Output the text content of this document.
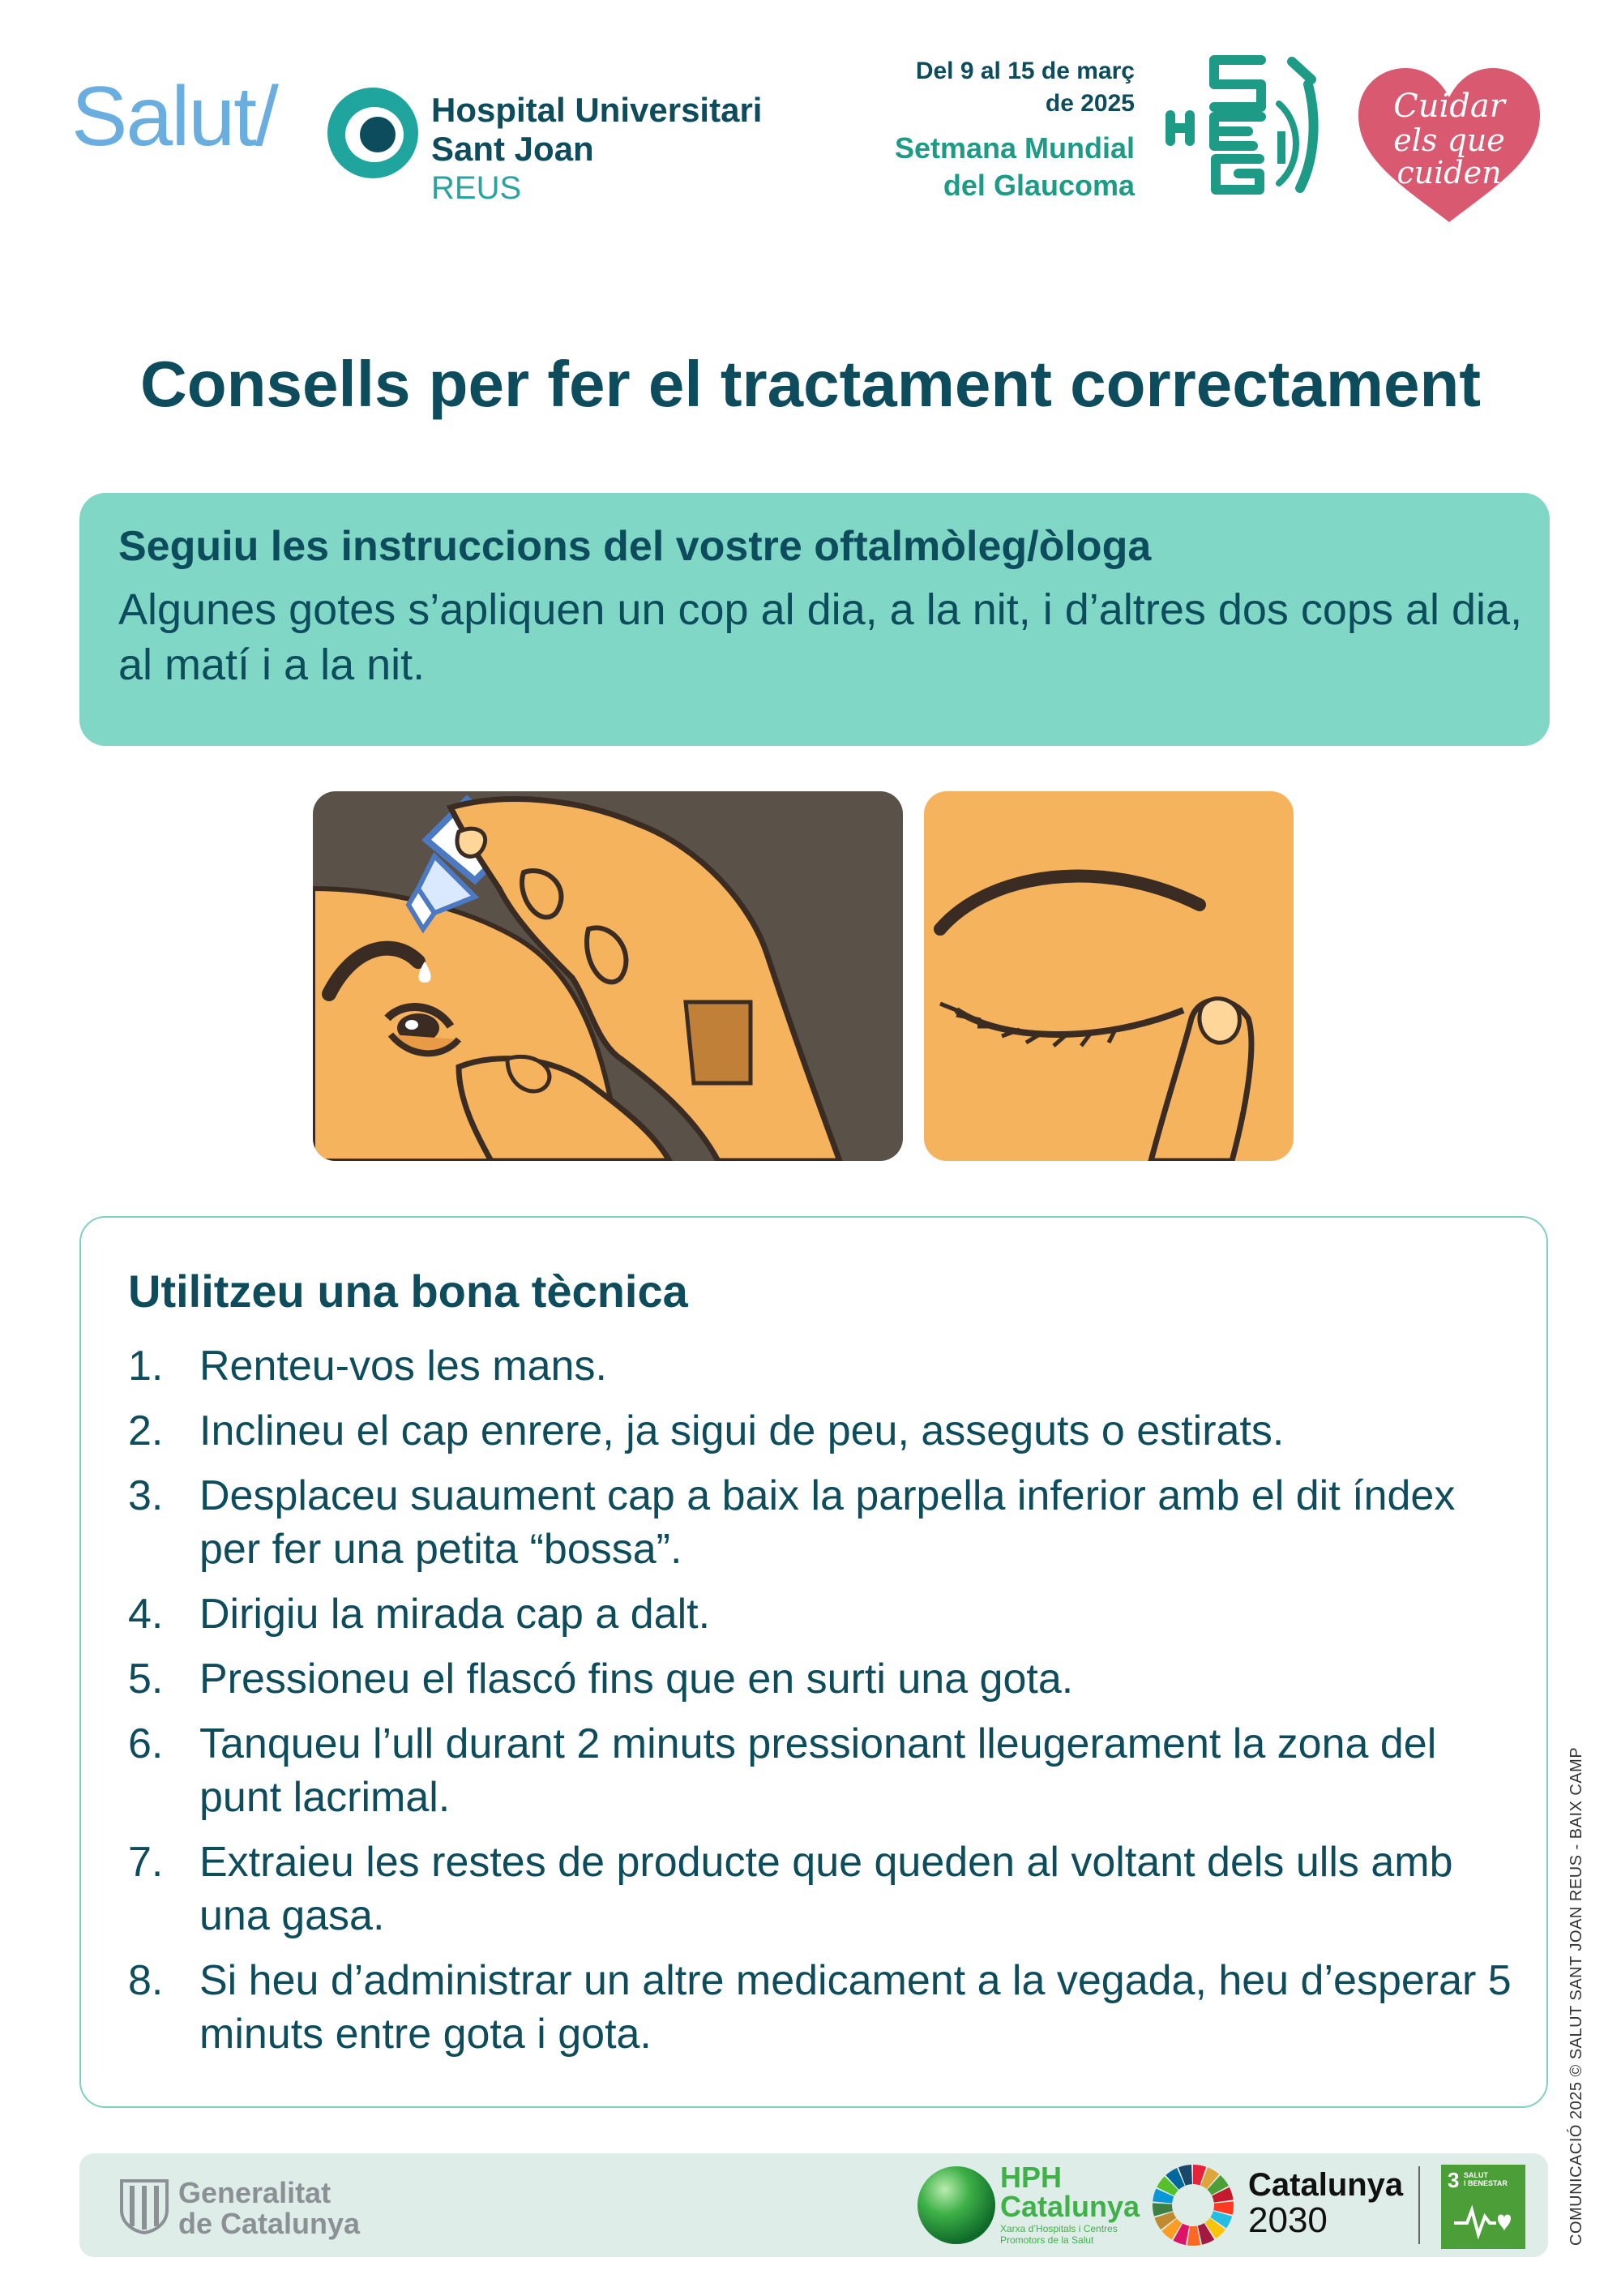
Salut/	Hospital Universitari
Sant Joan
REUS
Del 9 al 15 de març
de 2025
Setmana Mundial
del Glaucoma
Cuidar
els que
cuiden
Consells per fer el tractament correctament
Seguiu les instruccions del vostre oftalmòleg/òloga

Algunes gotes s’apliquen un cop al dia, a la nit, i d’altres dos cops al dia, al matí i a la nit.

Utilitzeu una bona tècnica
1. Renteu-vos les mans.
2. Inclineu el cap enrere, ja sigui de peu, asseguts o estirats.
3. Desplaceu suaument cap a baix la parpella inferior amb el dit índex per fer una petita “bossa”.
4. Dirigiu la mirada cap a dalt.
5. Pressioneu el flascó fins que en surti una gota.
6. Tanqueu l’ull durant 2 minuts pressionant lleugerament la zona del punt lacrimal.
7. Extraieu les restes de producte que queden al voltant dels ulls amb una gasa.
8. Si heu d’administrar un altre medicament a la vegada, heu d’esperar 5 minuts entre gota i gota.	COMUNICACIÓ 2025 © SALUT SANT JOAN REUS - BAIX CAMP
Generalitat
de Catalunya
HPH
Catalunya
Xarxa d’Hospitals i Centres
Promotors de la Salut
Catalunya
2030
3 SALUT
I BENESTAR
